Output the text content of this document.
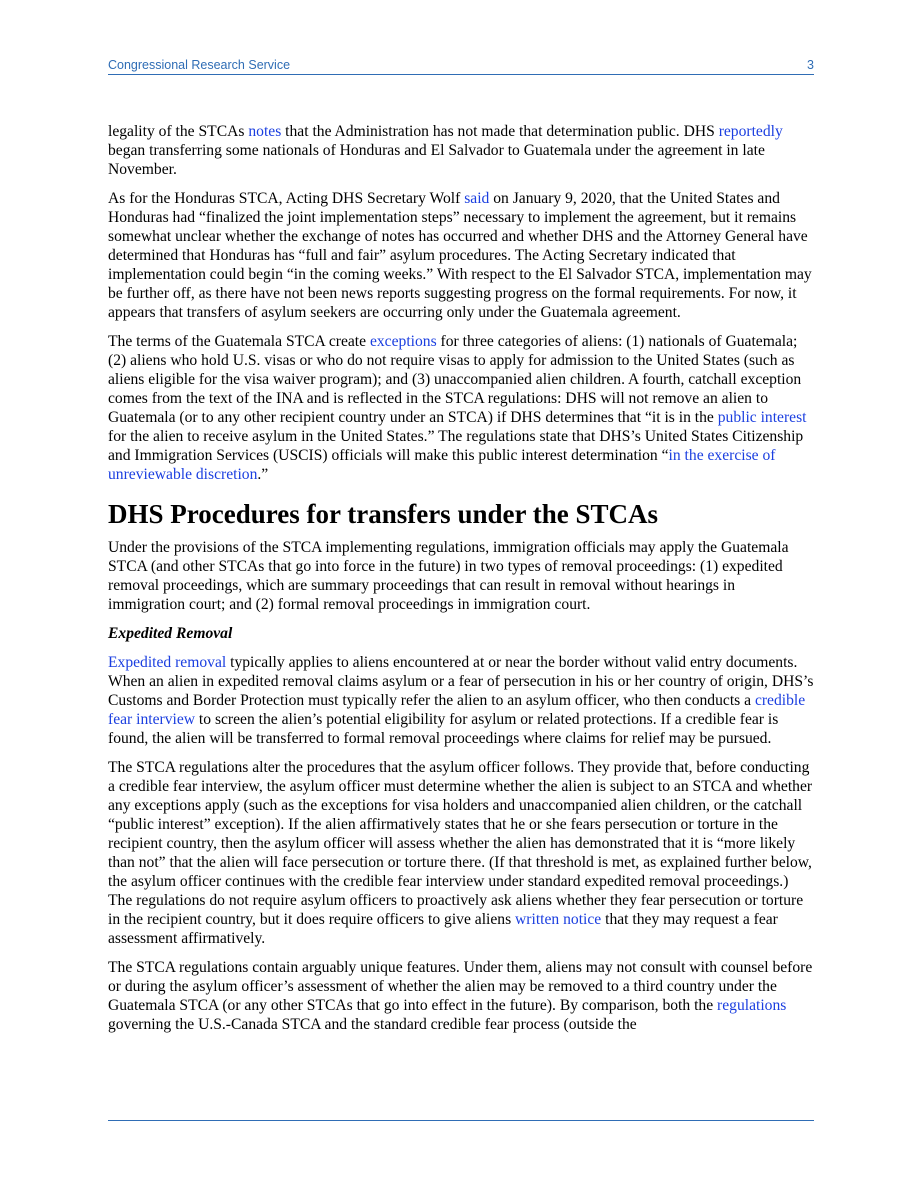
Congressional Research Service	3

legality of the STCAs notes that the Administration has not made that determination public. DHS reportedly began transferring some nationals of Honduras and El Salvador to Guatemala under the agreement in late November.

As for the Honduras STCA, Acting DHS Secretary Wolf said on January 9, 2020, that the United States and Honduras had “finalized the joint implementation steps” necessary to implement the agreement, but it remains somewhat unclear whether the exchange of notes has occurred and whether DHS and the Attorney General have determined that Honduras has “full and fair” asylum procedures. The Acting Secretary indicated that implementation could begin “in the coming weeks.” With respect to the El Salvador STCA, implementation may be further off, as there have not been news reports suggesting progress on the formal requirements. For now, it appears that transfers of asylum seekers are occurring only under the Guatemala agreement.

The terms of the Guatemala STCA create exceptions for three categories of aliens: (1) nationals of Guatemala; (2) aliens who hold U.S. visas or who do not require visas to apply for admission to the United States (such as aliens eligible for the visa waiver program); and (3) unaccompanied alien children. A fourth, catchall exception comes from the text of the INA and is reflected in the STCA regulations: DHS will not remove an alien to Guatemala (or to any other recipient country under an STCA) if DHS determines that “it is in the public interest for the alien to receive asylum in the United States.” The regulations state that DHS’s United States Citizenship and Immigration Services (USCIS) officials will make this public interest determination “in the exercise of unreviewable discretion.”

DHS Procedures for transfers under the STCAs

Under the provisions of the STCA implementing regulations, immigration officials may apply the Guatemala STCA (and other STCAs that go into force in the future) in two types of removal proceedings: (1) expedited removal proceedings, which are summary proceedings that can result in removal without hearings in immigration court; and (2) formal removal proceedings in immigration court.

Expedited Removal

Expedited removal typically applies to aliens encountered at or near the border without valid entry documents. When an alien in expedited removal claims asylum or a fear of persecution in his or her country of origin, DHS’s Customs and Border Protection must typically refer the alien to an asylum officer, who then conducts a credible fear interview to screen the alien’s potential eligibility for asylum or related protections. If a credible fear is found, the alien will be transferred to formal removal proceedings where claims for relief may be pursued.

The STCA regulations alter the procedures that the asylum officer follows. They provide that, before conducting a credible fear interview, the asylum officer must determine whether the alien is subject to an STCA and whether any exceptions apply (such as the exceptions for visa holders and unaccompanied alien children, or the catchall “public interest” exception). If the alien affirmatively states that he or she fears persecution or torture in the recipient country, then the asylum officer will assess whether the alien has demonstrated that it is “more likely than not” that the alien will face persecution or torture there. (If that threshold is met, as explained further below, the asylum officer continues with the credible fear interview under standard expedited removal proceedings.) The regulations do not require asylum officers to proactively ask aliens whether they fear persecution or torture in the recipient country, but it does require officers to give aliens written notice that they may request a fear assessment affirmatively.

The STCA regulations contain arguably unique features. Under them, aliens may not consult with counsel before or during the asylum officer’s assessment of whether the alien may be removed to a third country under the Guatemala STCA (or any other STCAs that go into effect in the future). By comparison, both the regulations governing the U.S.-Canada STCA and the standard credible fear process (outside the
